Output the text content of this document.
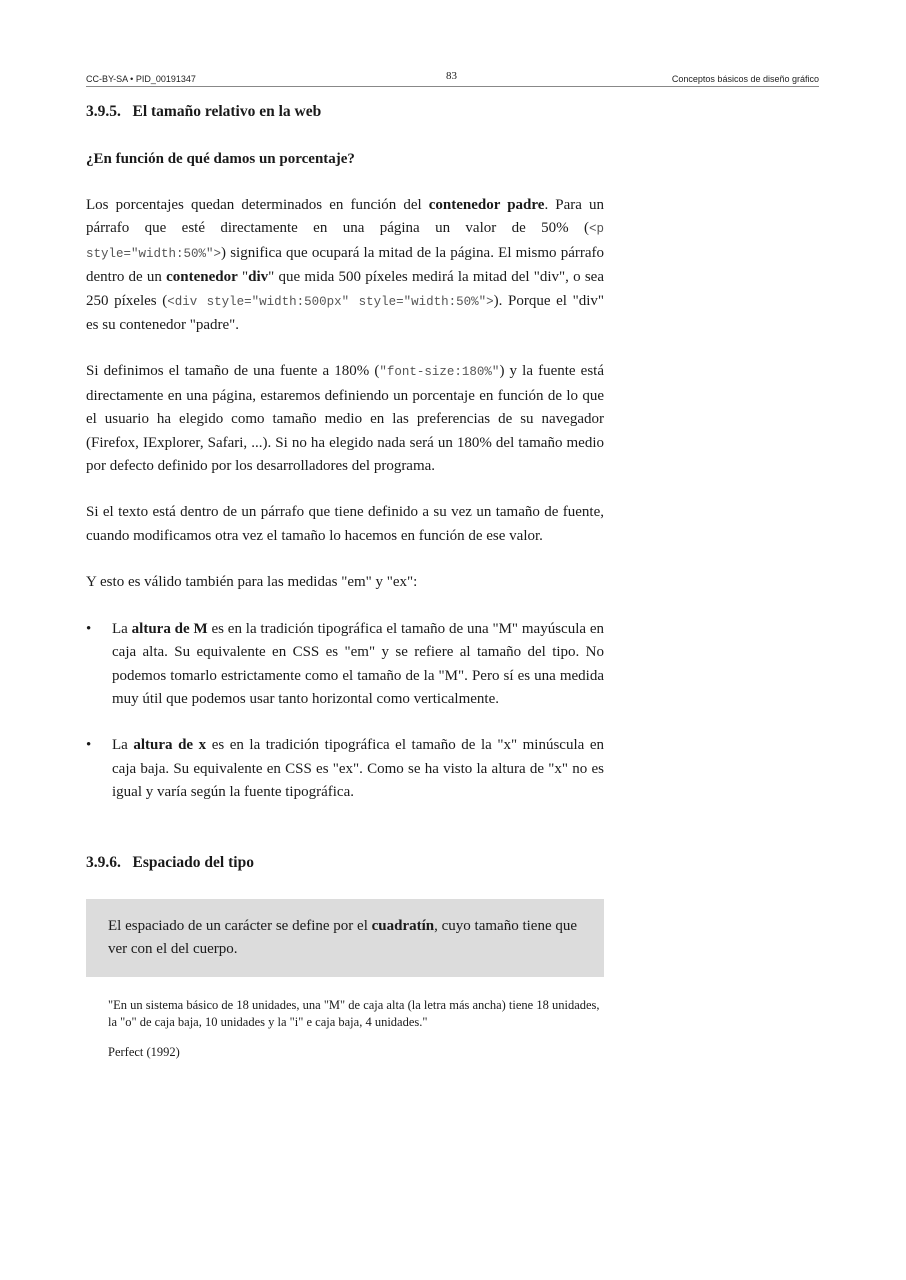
CC-BY-SA • PID_00191347	83	Conceptos básicos de diseño gráfico
3.9.5.   El tamaño relativo en la web
¿En función de qué damos un porcentaje?

Los porcentajes quedan determinados en función del contenedor padre. Para un párrafo que esté directamente en una página un valor de 50% (<p style="width:50%">) significa que ocupará la mitad de la página. El mismo párrafo dentro de un contenedor "div" que mida 500 píxeles medirá la mitad del "div", o sea 250 píxeles (<div style="width:500px" style="width:50%">). Porque el "div" es su contenedor "padre".

Si definimos el tamaño de una fuente a 180% ("font-size:180%") y la fuente está directamente en una página, estaremos definiendo un porcentaje en función de lo que el usuario ha elegido como tamaño medio en las preferencias de su navegador (Firefox, IExplorer, Safari, ...). Si no ha elegido nada será un 180% del tamaño medio por defecto definido por los desarrolladores del programa.

Si el texto está dentro de un párrafo que tiene definido a su vez un tamaño de fuente, cuando modificamos otra vez el tamaño lo hacemos en función de ese valor.

Y esto es válido también para las medidas "em" y "ex":

• La altura de M es en la tradición tipográfica el tamaño de una "M" mayúscula en caja alta. Su equivalente en CSS es "em" y se refiere al tamaño del tipo. No podemos tomarlo estrictamente como el tamaño de la "M". Pero sí es una medida muy útil que podemos usar tanto horizontal como verticalmente.
• La altura de x es en la tradición tipográfica el tamaño de la "x" minúscula en caja baja. Su equivalente en CSS es "ex". Como se ha visto la altura de "x" no es igual y varía según la fuente tipográfica.
3.9.6.   Espaciado del tipo
El espaciado de un carácter se define por el cuadratín, cuyo tamaño tiene que ver con el del cuerpo.

"En un sistema básico de 18 unidades, una "M" de caja alta (la letra más ancha) tiene 18 unidades, la "o" de caja baja, 10 unidades y la "i" e caja baja, 4 unidades."

Perfect (1992)
